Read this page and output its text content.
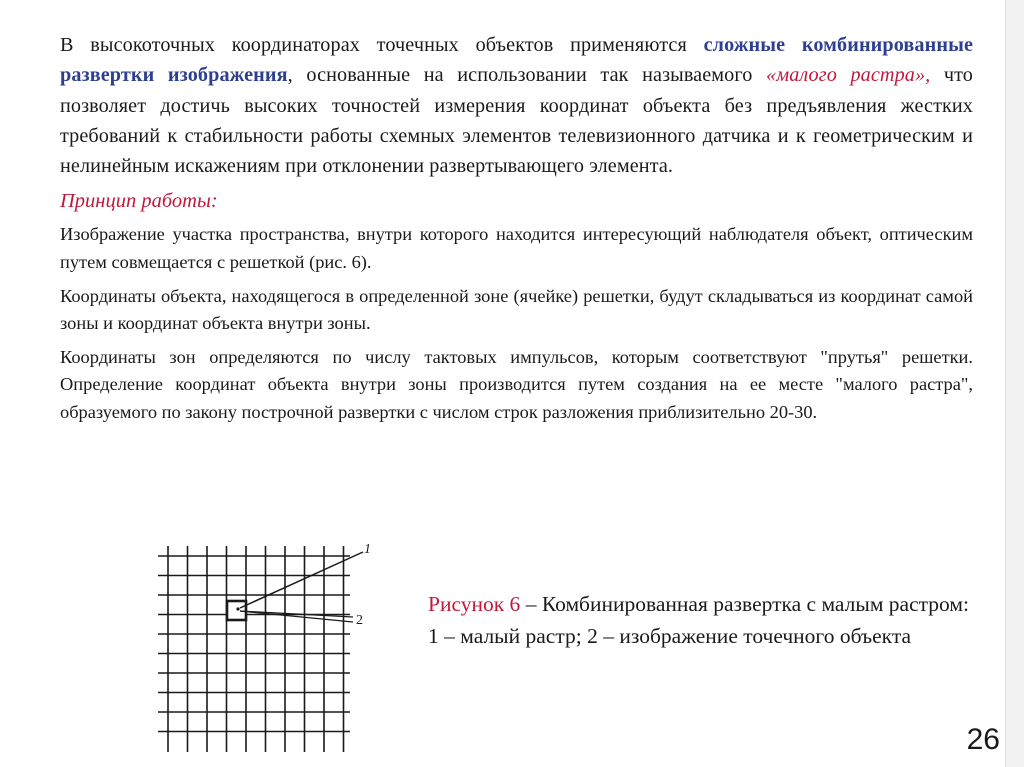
В высокоточных координаторах точечных объектов применяются сложные комбинированные развертки изображения, основанные на использовании так называемого «малого растра», что позволяет достичь высоких точностей измерения координат объекта без предъявления жестких требований к стабильности работы схемных элементов телевизионного датчика и к геометрическим и нелинейным искажениям при отклонении развертывающего элемента.

Принцип работы:

Изображение участка пространства, внутри которого находится интересующий наблюдателя объект, оптическим путем совмещается с решеткой (рис. 6).

Координаты объекта, находящегося в определенной зоне (ячейке) решетки, будут складываться из координат самой зоны и координат объекта внутри зоны.

Координаты зон определяются по числу тактовых импульсов, которым соответствуют "прутья" решетки. Определение координат объекта внутри зоны производится путем создания на ее месте "малого растра", образуемого по закону построчной развертки с числом строк разложения приблизительно 20-30.

1
2
Рисунок 6 – Комбинированная развертка с малым растром: 1 – малый растр; 2 – изображение точечного объекта
26
